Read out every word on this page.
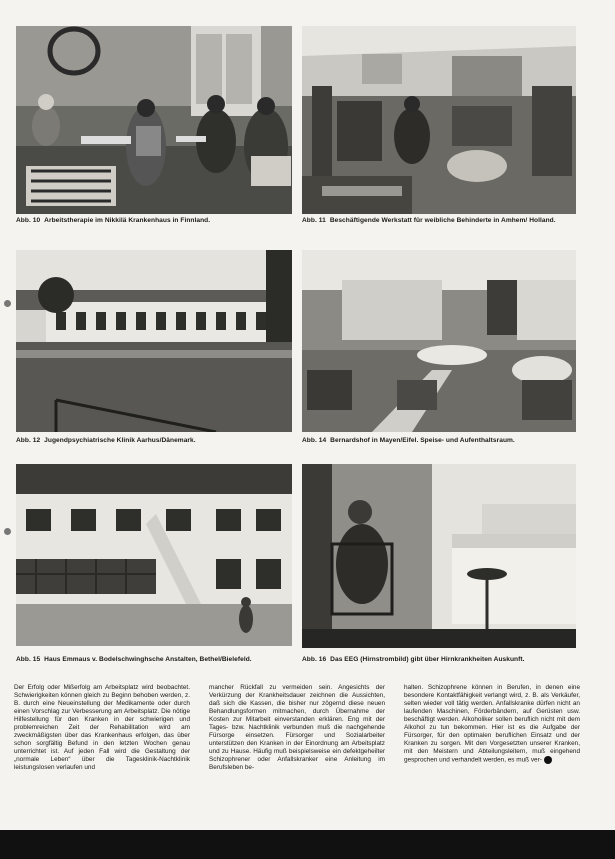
Abb. 10 Arbeitstherapie im Nikkilä Krankenhaus in Finnland.	Abb. 11 Beschäftigende Werkstatt für weibliche Behinderte in Amhem/ Holland.
Abb. 12 Jugendpsychiatrische Klinik Aarhus/Dänemark.	Abb. 14 Bernardshof in Mayen/Eifel. Speise- und Aufenthaltsraum.
Abb. 15 Haus Emmaus v. Bodelschwinghsche Anstalten, Bethel/Bielefeld.	Abb. 16 Das EEG (Hirnstrombild) gibt über Hirnkrankheiten Auskunft.

Der Erfolg oder Mißerfolg am Arbeitsplatz wird beobachtet. Schwierigkeiten können gleich zu Beginn behoben werden, z. B. durch eine Neueinstellung der Medikamente oder durch einen Vorschlag zur Verbesserung am Arbeitsplatz. Die nötige Hilfestellung für den Kranken in der schwierigen und problemreichen Zeit der Rehabilitation wird am zweckmäßigsten über das Krankenhaus erfolgen, das über schon sorgfältig Befund in den letzten Wochen genau unterrichtet ist. Auf jeden Fall wird die Gestaltung der „normale Leben“ über die Tagesklinik-Nachtklinik leistungslosen verlaufen und

mancher Rückfall zu vermeiden sein. Angesichts der Verkürzung der Krankheitsdauer zeichnen die Aussichten, daß sich die Kassen, die bisher nur zögernd diese neuen Behandlungsformen mitmachen, durch Übernahme der Kosten zur Mitarbeit einverstanden erklären. Eng mit der Tages- bzw. Nachtklinik verbunden muß die nachgehende Fürsorge einsetzen. Fürsorger und Sozialarbeiter unterstützen den Kranken in der Einordnung am Arbeitsplatz und zu Hause. Häufig muß beispielsweise ein defektgeheilter Schizophrener oder Anfallskranker eine Anleitung im Berufsleben be-

halten. Schizophrene können in Berufen, in denen eine besondere Kontaktfähigkeit verlangt wird, z. B. als Verkäufer, selten wieder voll tätig werden. Anfallskranke dürfen nicht an laufenden Maschinen, Förderbändern, auf Gerüsten usw. beschäftigt werden. Alkoholiker sollen beruflich nicht mit dem Alkohol zu tun bekommen. Hier ist es die Aufgabe der Fürsorger, für den optimalen beruflichen Einsatz und der Kranken zu sorgen. Mit den Vorgesetzten unserer Kranken, mit den Meistern und Abteilungsleitern, muß eingehend gesprochen und verhandelt werden, es muß ver-
